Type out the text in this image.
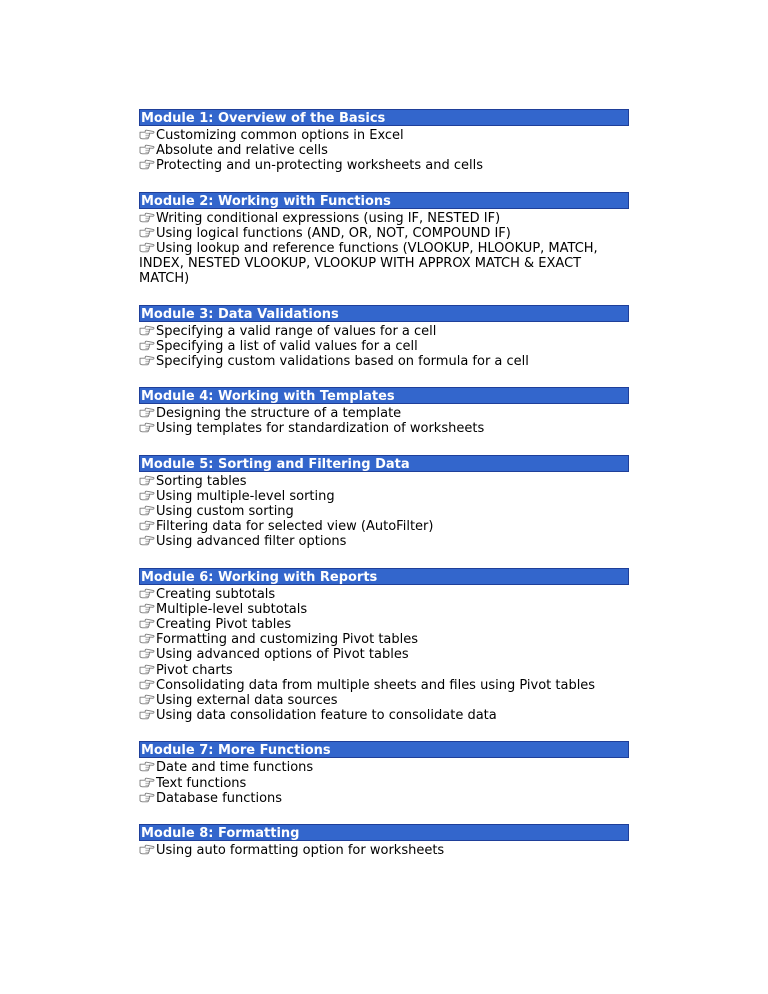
Module 1: Overview of the Basics
Customizing common options in Excel
Absolute and relative cells
Protecting and un-protecting worksheets and cells
Module 2: Working with Functions
Writing conditional expressions (using IF, NESTED IF)
Using logical functions (AND, OR, NOT, COMPOUND IF)
Using lookup and reference functions (VLOOKUP, HLOOKUP, MATCH, INDEX, NESTED VLOOKUP, VLOOKUP WITH APPROX MATCH & EXACT MATCH)
Module 3: Data Validations
Specifying a valid range of values for a cell
Specifying a list of valid values for a cell
Specifying custom validations based on formula for a cell
Module 4: Working with Templates
Designing the structure of a template
Using templates for standardization of worksheets
Module 5: Sorting and Filtering Data
Sorting tables
Using multiple-level sorting
Using custom sorting
Filtering data for selected view (AutoFilter)
Using advanced filter options
Module 6: Working with Reports
Creating subtotals
Multiple-level subtotals
Creating Pivot tables
Formatting and customizing Pivot tables
Using advanced options of Pivot tables
Pivot charts
Consolidating data from multiple sheets and files using Pivot tables
Using external data sources
Using data consolidation feature to consolidate data
Module 7: More Functions
Date and time functions
Text functions
Database functions
Module 8: Formatting
Using auto formatting option for worksheets
